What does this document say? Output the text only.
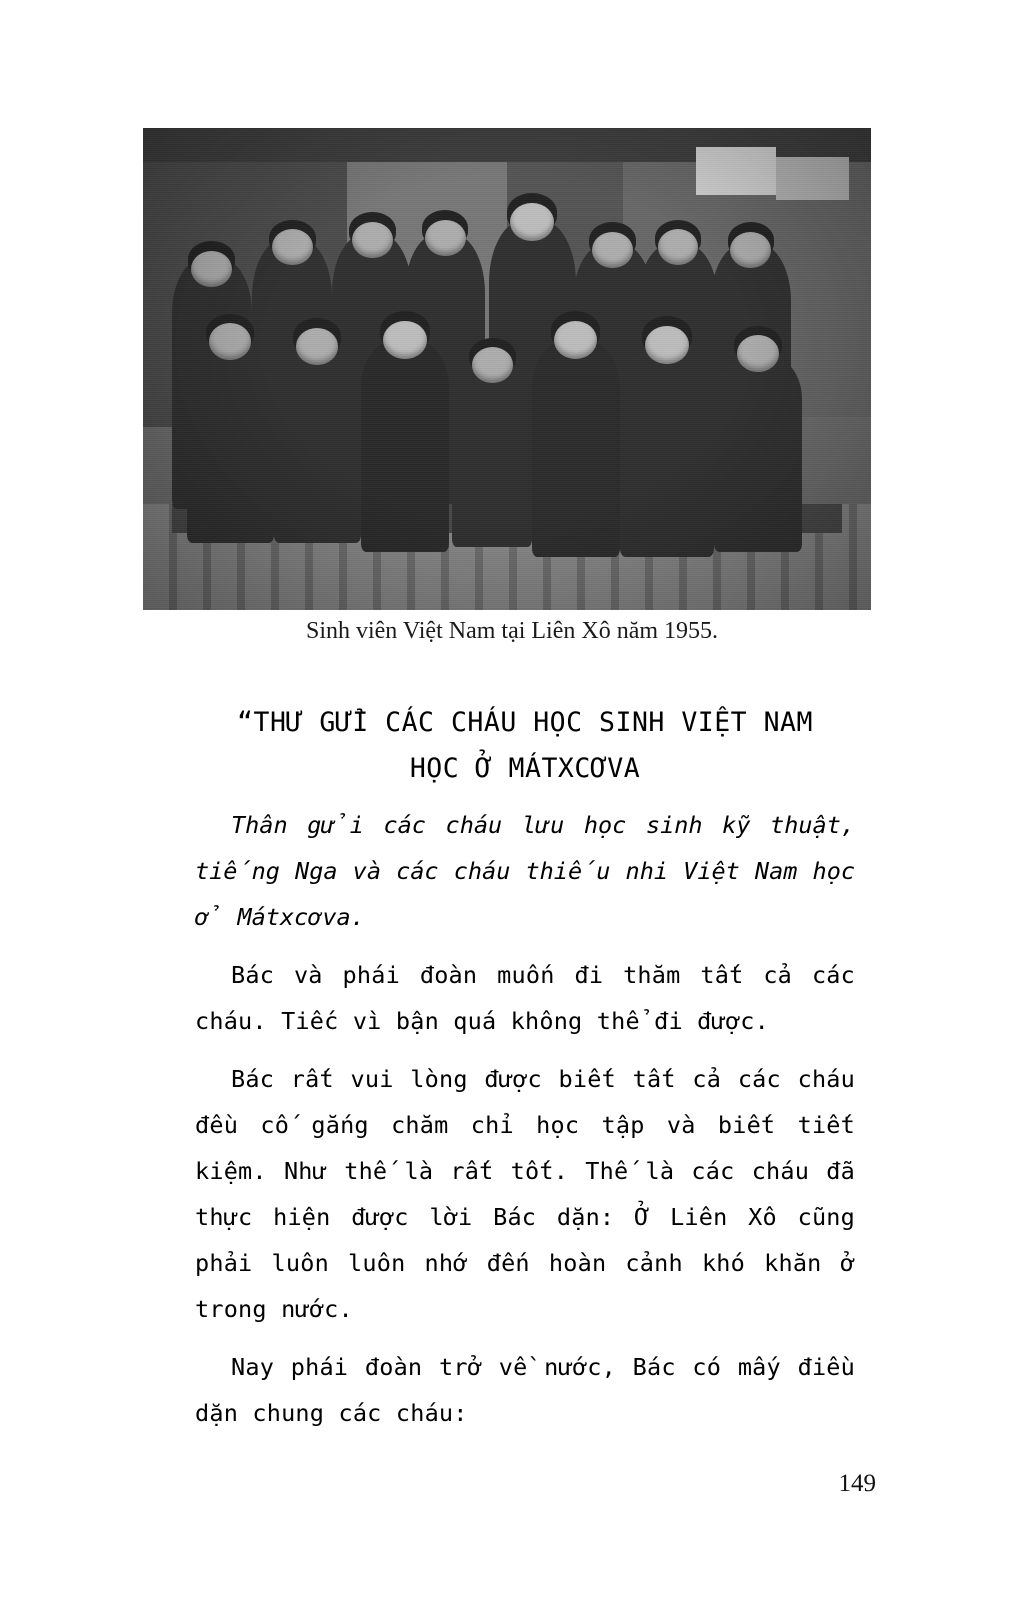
Sinh viên Việt Nam tại Liên Xô năm 1955.
“THƯ GỬI CÁC CHÁU HỌC SINH VIỆT NAM
HỌC Ở MÁTXCƠVA

Thân gửi các cháu lưu học sinh kỹ thuật, tiếng Nga và các cháu thiếu nhi Việt Nam học ở Mátxcơva.

Bác và phái đoàn muốn đi thăm tất cả các cháu. Tiếc vì bận quá không thể đi được.

Bác rất vui lòng được biết tất cả các cháu đều cố gắng chăm chỉ học tập và biết tiết kiệm. Như thế là rất tốt. Thế là các cháu đã thực hiện được lời Bác dặn: Ở Liên Xô cũng phải luôn luôn nhớ đến hoàn cảnh khó khăn ở trong nước.

Nay phái đoàn trở về nước, Bác có mấy điều dặn chung các cháu:

149
